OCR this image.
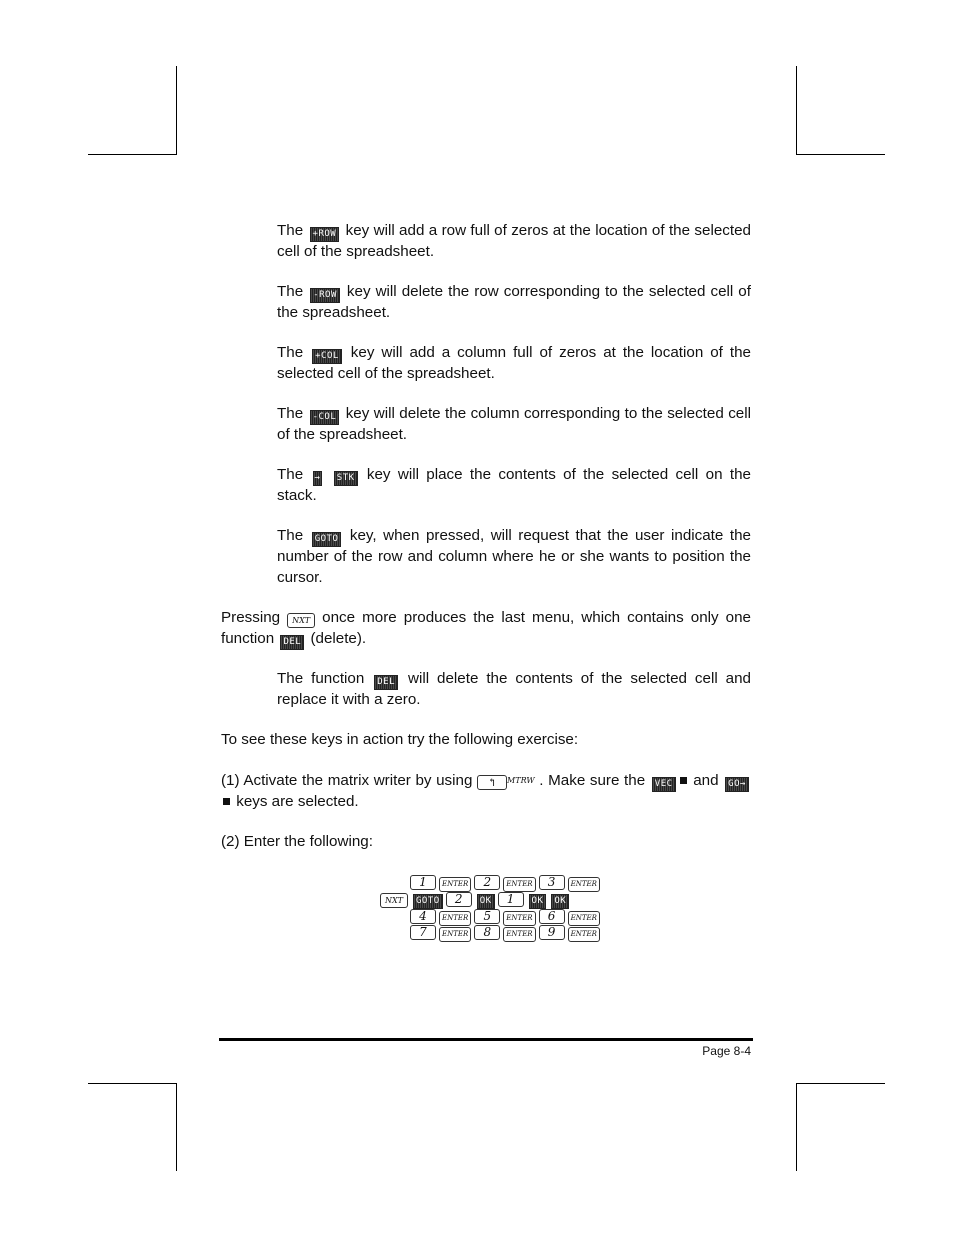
The +ROW key will add a row full of zeros at the location of the selected cell of the spreadsheet.
The -ROW key will delete the row corresponding to the selected cell of the spreadsheet.
The +COL key will add a column full of zeros at the location of the selected cell of the spreadsheet.
The -COL key will delete the column corresponding to the selected cell of the spreadsheet.
The → STK key will place the contents of the selected cell on the stack.
The GOTO key, when pressed, will request that the user indicate the number of the row and column where he or she wants to position the cursor.
Pressing NXT once more produces the last menu, which contains only one function DEL (delete).
The function DEL will delete the contents of the selected cell and replace it with a zero.
To see these keys in action try the following exercise:
(1) Activate the matrix writer by using ↰ MTRW . Make sure the VEC and GO→  keys are selected.
(2) Enter the following:
1 ENTER 2 ENTER 3 ENTER
NXT GOTO 2 OK 1 OK OK
4 ENTER 5 ENTER 6 ENTER
7 ENTER 8 ENTER 9 ENTER
Page 8-4
